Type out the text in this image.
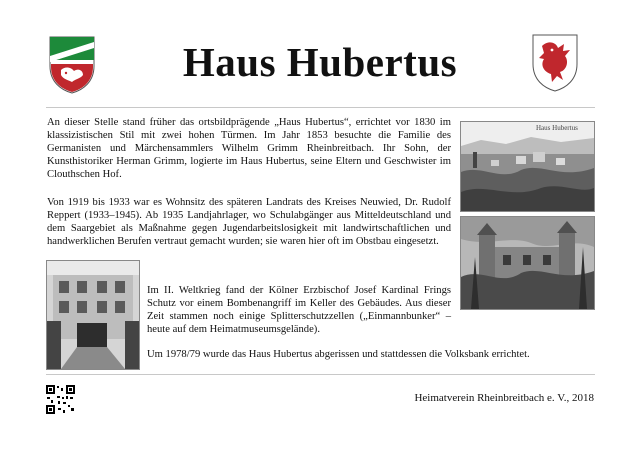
Haus Hubertus

An dieser Stelle stand früher das ortsbildprägende „Haus Hubertus“, errichtet vor 1830 im klassizistischen Stil mit zwei hohen Türmen. Im Jahr 1853 besuchte die Familie des Germanisten und Märchensammlers Wilhelm Grimm Rheinbreitbach. Ihr Sohn, der Kunsthistoriker Herman Grimm, logierte im Haus Hubertus, seine Eltern und Geschwister im Clouthschen Hof.

Von 1919 bis 1933 war es Wohnsitz des späteren Landrats des Kreises Neuwied, Dr. Rudolf Reppert (1933–1945). Ab 1935 Landjahrlager, wo Schulabgänger aus Mitteldeutschland und dem Saargebiet als Maßnahme gegen Jugendarbeitslosigkeit mit landwirtschaftlichen und handwerklichen Berufen vertraut gemacht wurden; sie waren hier oft im Obstbau eingesetzt.

Im II. Weltkrieg fand der Kölner Erzbischof Josef Kardinal Frings Schutz vor einem Bombenangriff im Keller des Gebäudes. Aus dieser Zeit stammen noch einige Splitterschutzzellen („Einmannbunker“ – heute auf dem Heimatmuseumsgelände).

Um 1978/79 wurde das Haus Hubertus abgerissen und stattdessen die Volksbank errichtet.

Haus Hubertus
Heimatverein Rheinbreitbach e. V., 2018
